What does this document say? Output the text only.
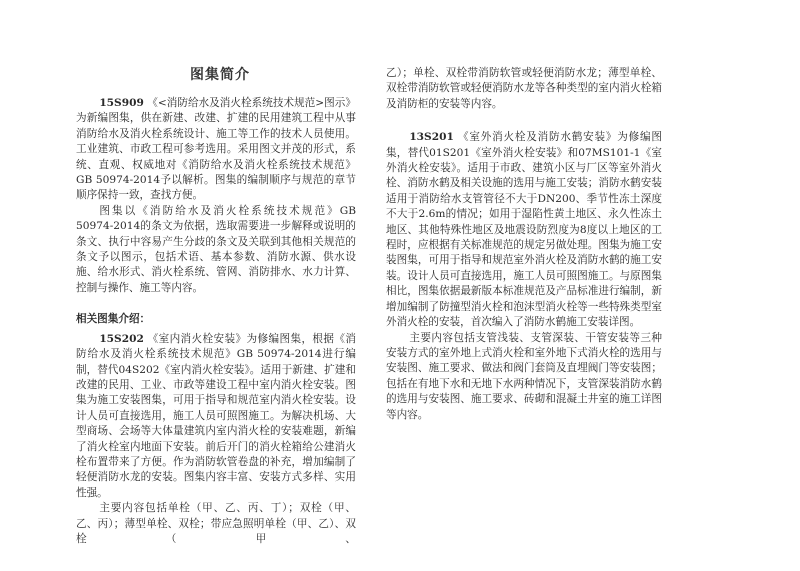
图集简介

15S909 《<消防给水及消火栓系统技术规范>图示》为新编图集，供在新建、改建、扩建的民用建筑工程中从事消防给水及消火栓系统设计、施工等工作的技术人员使用。工业建筑、市政工程可参考选用。采用图文并茂的形式，系统、直观、权威地对《消防给水及消火栓系统技术规范》GB 50974-2014予以解析。图集的编制顺序与规范的章节顺序保持一致，查找方便。

图集以《消防给水及消火栓系统技术规范》GB 50974-2014的条文为依据，选取需要进一步解释或说明的条文、执行中容易产生分歧的条文及关联到其他相关规范的条文予以图示，包括术语、基本参数、消防水源、供水设施、给水形式、消火栓系统、管网、消防排水、水力计算、控制与操作、施工等内容。

相关图集介绍：

15S202 《室内消火栓安装》为修编图集，根据《消防给水及消火栓系统技术规范》GB 50974-2014进行编制，替代04S202《室内消火栓安装》。适用于新建、扩建和改建的民用、工业、市政等建设工程中室内消火栓安装。图集为施工安装图集，可用于指导和规范室内消火栓安装。设计人员可直接选用，施工人员可照图施工。为解决机场、大型商场、会场等大体量建筑内室内消火栓的安装难题，新编了消火栓室内地面下安装。前后开门的消火栓箱给公建消火栓布置带来了方便。作为消防软管卷盘的补充，增加编制了轻便消防水龙的安装。图集内容丰富、安装方式多样、实用性强。

主要内容包括单栓（甲、乙、丙、丁）；双栓（甲、乙、丙）；薄型单栓、双栓；带应急照明单栓（甲、乙）、双栓（甲、

乙）；单栓、双栓带消防软管或轻便消防水龙；薄型单栓、双栓带消防软管或轻便消防水龙等各种类型的室内消火栓箱及消防柜的安装等内容。

13S201 《室外消火栓及消防水鹤安装》为修编图集，替代01S201《室外消火栓安装》和07MS101-1《室外消火栓安装》。适用于市政、建筑小区与厂区等室外消火栓、消防水鹤及相关设施的选用与施工安装；消防水鹤安装适用于消防给水支管管径不大于DN200、季节性冻土深度不大于2.6m的情况；如用于湿陷性黄土地区、永久性冻土地区、其他特殊性地区及地震设防烈度为8度以上地区的工程时，应根据有关标准规范的规定另做处理。图集为施工安装图集，可用于指导和规范室外消火栓及消防水鹤的施工安装。设计人员可直接选用，施工人员可照图施工。与原图集相比，图集依据最新版本标准规范及产品标准进行编制，新增加编制了防撞型消火栓和泡沫型消火栓等一些特殊类型室外消火栓的安装，首次编入了消防水鹤施工安装详图。

主要内容包括支管浅装、支管深装、干管安装等三种安装方式的室外地上式消火栓和室外地下式消火栓的选用与安装图、施工要求、做法和阀门套筒及直埋阀门等安装图；包括在有地下水和无地下水两种情况下，支管深装消防水鹤的选用与安装图、施工要求、砖砌和混凝土井室的施工详图等内容。
